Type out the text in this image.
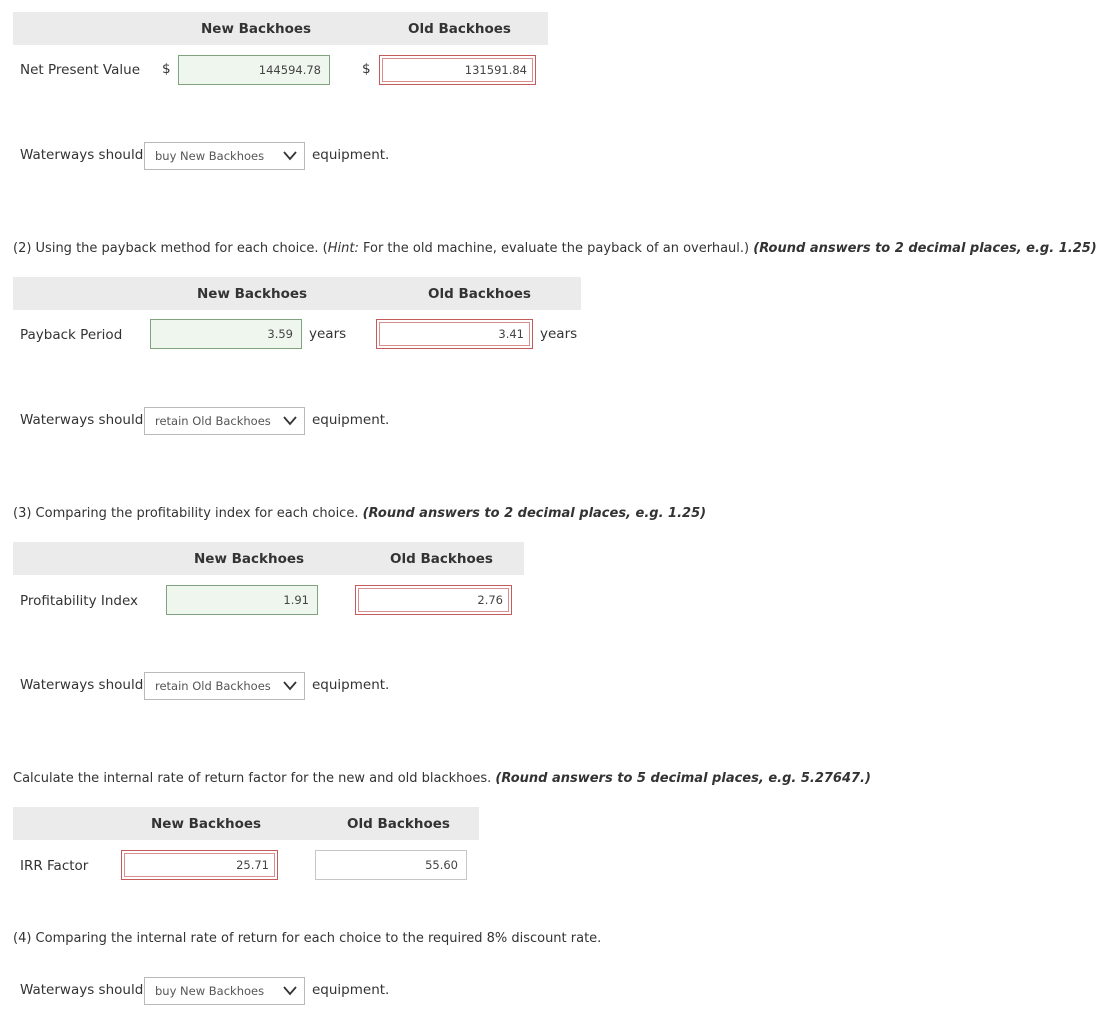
New Backhoes	Old Backhoes
Net Present Value $	144594.78	$	131591.84
Waterways should	buy New Backhoes	equipment.
(2) Using the payback method for each choice. (Hint: For the old machine, evaluate the payback of an overhaul.) (Round answers to 2 decimal places, e.g. 1.25)
New Backhoes	Old Backhoes
Payback Period	3.59	years	3.41	years
Waterways should	retain Old Backhoes	equipment.
(3) Comparing the profitability index for each choice. (Round answers to 2 decimal places, e.g. 1.25)
New Backhoes	Old Backhoes
Profitability Index	1.91	2.76
Waterways should	retain Old Backhoes	equipment.
Calculate the internal rate of return factor for the new and old blackhoes. (Round answers to 5 decimal places, e.g. 5.27647.)
New Backhoes	Old Backhoes
IRR Factor	25.71	55.60
(4) Comparing the internal rate of return for each choice to the required 8% discount rate.
Waterways should	buy New Backhoes	equipment.
